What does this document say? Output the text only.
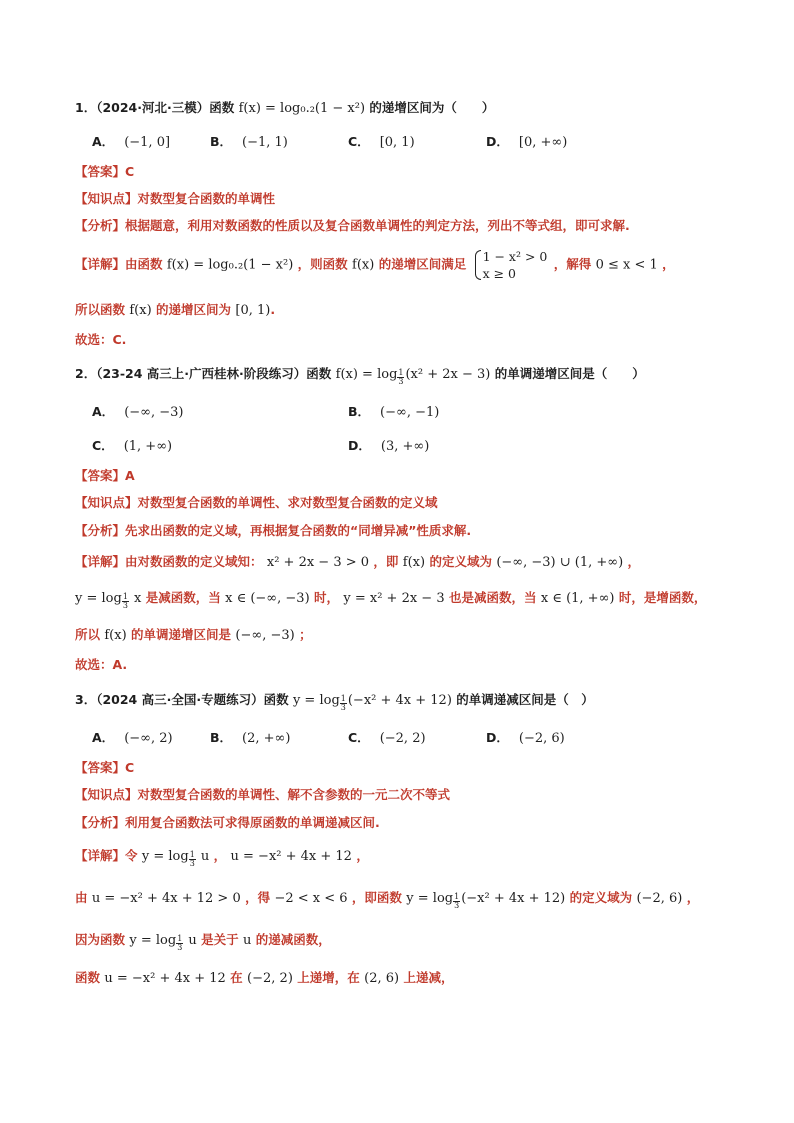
1．（2024·河北·三模）函数 f(x) = log₀.₂(1 − x²) 的递增区间为（　　）
A． (−1, 0]	B． (−1, 1)	C． [0, 1)	D． [0, +∞)
【答案】C
【知识点】对数型复合函数的单调性
【分析】根据题意，利用对数函数的性质以及复合函数单调性的判定方法，列出不等式组，即可求解.
【详解】由函数 f(x) = log₀.₂(1 − x²) ，则函数 f(x) 的递增区间满足 1 − x² > 0
x ≥ 0
，解得 0 ≤ x < 1 ，
所以函数 f(x) 的递增区间为 [0, 1).
故选：C.
2．（23-24 高三上·广西桂林·阶段练习）函数 $f(x) = \log \frac{1}{3} (x^2 + 2x - 3)$ 的单调递增区间是（　　）
A． (−∞, −3)	B． (−∞, −1)
C． (1, +∞)	D． (3, +∞)
【答案】A
【知识点】对数型复合函数的单调性、求对数型复合函数的定义域
【分析】先求出函数的定义域，再根据复合函数的“同增异减”性质求解.
【详解】由对数函数的定义域知： x² + 2x − 3 > 0 ，即 f(x) 的定义域为 (−∞, −3) ∪ (1, +∞) ，
$y = \log \frac{1}{3}$ x 是减函数，当 x ∈ (−∞, −3) 时， y = x² + 2x − 3 也是减函数，当 x ∈ (1, +∞) 时，是增函数，
所以 f(x) 的单调递增区间是 (−∞, −3) ；
故选：A.
3．（2024 高三·全国·专题练习）函数 $y = \log \frac{1}{3} (-x^2 + 4x + 12)$ 的单调递减区间是（　）
A． (−∞, 2)	B． (2, +∞)	C． (−2, 2)	D． (−2, 6)
【答案】C
【知识点】对数型复合函数的单调性、解不含参数的一元二次不等式
【分析】利用复合函数法可求得原函数的单调递减区间.
【详解】令 $y = \log \frac{1}{3}$ u ， u = −x² + 4x + 12 ，
由 u = −x² + 4x + 12 > 0 ，得 −2 < x < 6 ，即函数 $y = \log \frac{1}{3} (-x^2 + 4x + 12)$ 的定义域为 (−2, 6) ，
因为函数 $y = \log \frac{1}{3}$ u 是关于 u 的递减函数，
函数 u = −x² + 4x + 12 在 (−2, 2) 上递增，在 (2, 6) 上递减，
